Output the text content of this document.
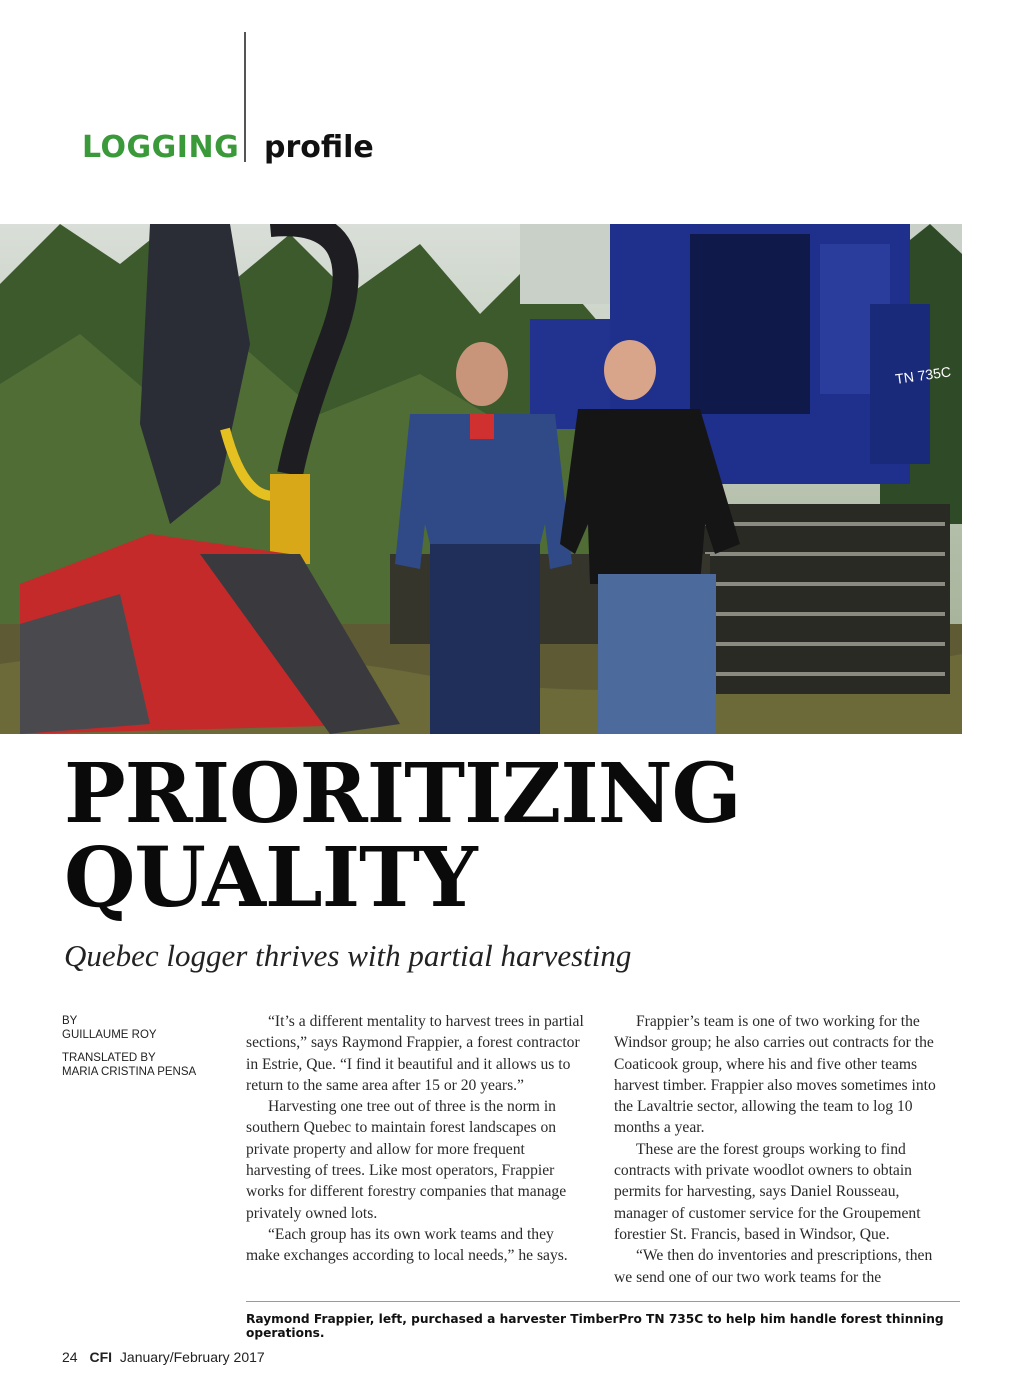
LOGGING profile
TN 735C
PRIORITIZING
QUALITY
Quebec logger thrives with partial harvesting

BY
GUILLAUME ROY

TRANSLATED BY
MARIA CRISTINA PENSA

“It’s a different mentality to harvest trees in partial sections,” says Raymond Frappier, a forest contractor in Estrie, Que. “I find it beautiful and it allows us to return to the same area after 15 or 20 years.”

Harvesting one tree out of three is the norm in southern Quebec to maintain forest landscapes on private property and allow for more frequent harvesting of trees. Like most operators, Frappier works for different forestry companies that manage privately owned lots.

“Each group has its own work teams and they make exchanges according to local needs,” he says.

Frappier’s team is one of two working for the Windsor group; he also carries out contracts for the Coaticook group, where his and five other teams harvest timber. Frappier also moves sometimes into the Lavaltrie sector, allowing the team to log 10 months a year.

These are the forest groups working to find contracts with private woodlot owners to obtain permits for harvesting, says Daniel Rousseau, manager of customer service for the Groupement forestier St. Francis, based in Windsor, Que.

“We then do inventories and prescriptions, then we send one of our two work teams for the

Raymond Frappier, left, purchased a harvester TimberPro TN 735C to help him handle forest thinning operations.
24 CFI January/February 2017
